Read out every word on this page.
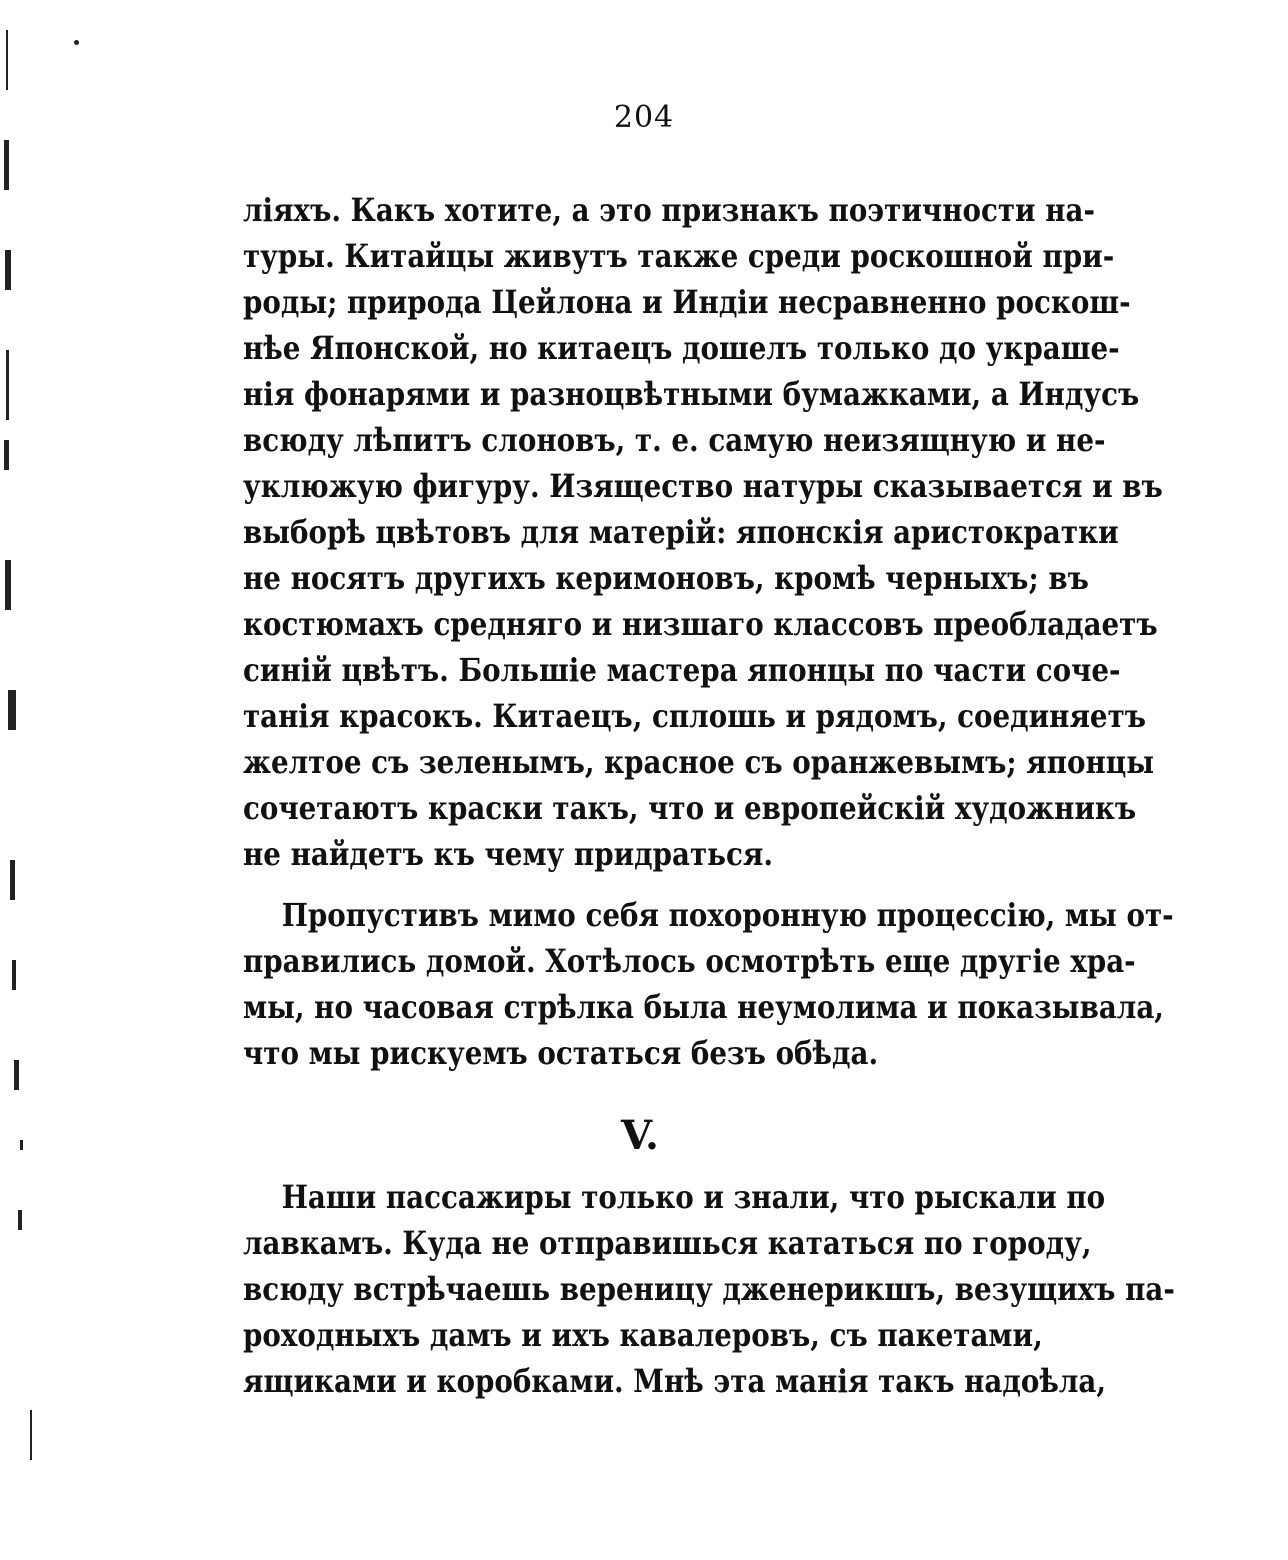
204
лiяхъ. Какъ хотите, а это признакъ поэтичности на-
туры. Китайцы живутъ также среди роскошной при-
роды; природа Цейлона и Индiи несравненно роскош-
нѣе Японской, но китаецъ дошелъ только до украше-
нiя фонарями и разноцвѣтными бумажками, а Индусъ
всюду лѣпитъ слоновъ, т. е. самую неизящную и не-
уклюжую фигуру. Изящество натуры сказывается и въ
выборѣ цвѣтовъ для матерiй: японскiя аристократки
не носятъ другихъ керимоновъ, кромѣ черныхъ; въ
костюмахъ средняго и низшаго классовъ преобладаетъ
синiй цвѣтъ. Большiе мастера японцы по части соче-
танiя красокъ. Китаецъ, сплошь и рядомъ, соединяетъ
желтое съ зеленымъ, красное съ оранжевымъ; японцы
сочетаютъ краски такъ, что и европейскiй художникъ
не найдетъ къ чему придраться.
Пропустивъ мимо себя похоронную процессiю, мы от-
правились домой. Хотѣлось осмотрѣть еще другiе хра-
мы, но часовая стрѣлка была неумолима и показывала,
что мы рискуемъ остаться безъ обѣда.
V.
Наши пассажиры только и знали, что рыскали по
лавкамъ. Куда не отправишься кататься по городу,
всюду встрѣчаешь вереницу дженерикшъ, везущихъ па-
роходныхъ дамъ и ихъ кавалеровъ, съ пакетами,
ящиками и коробками. Мнѣ эта манiя такъ надоѣла,
